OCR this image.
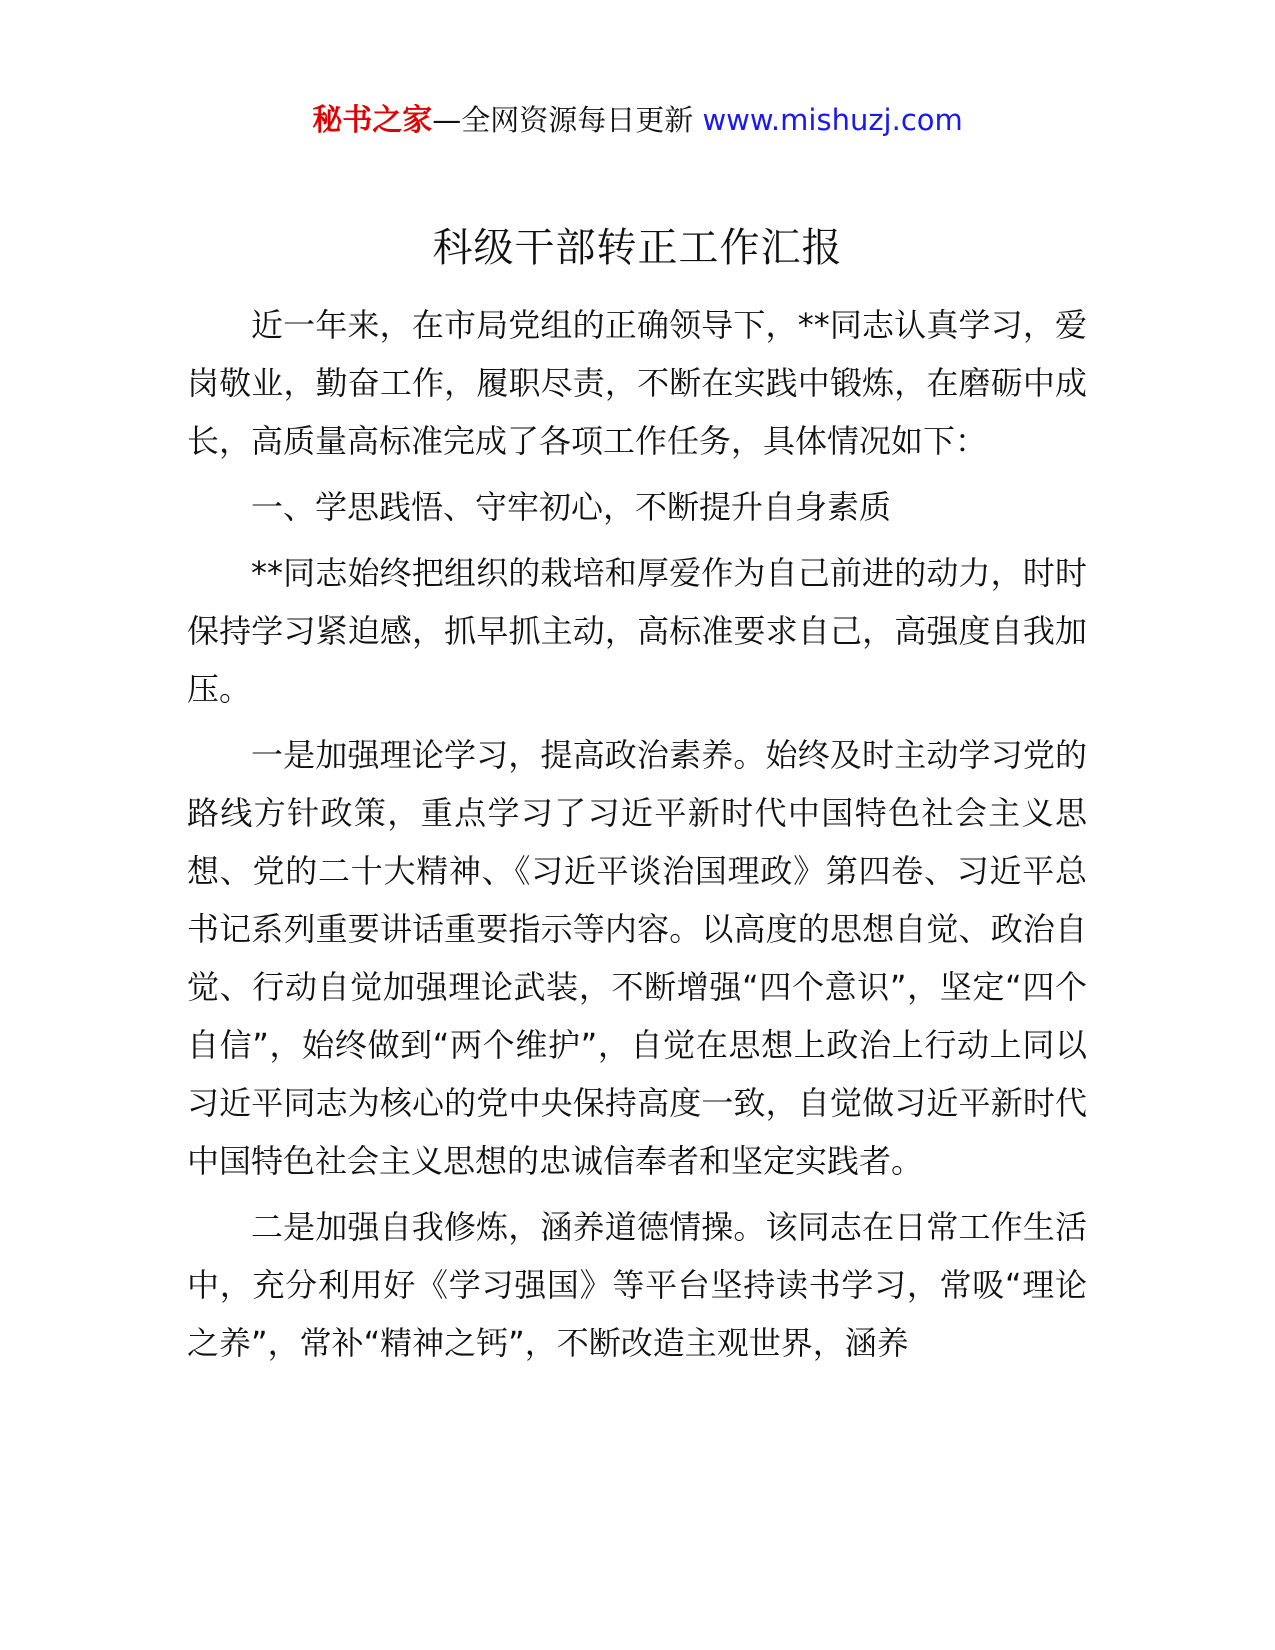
秘书之家—全网资源每日更新 www.mishuzj.com
科级干部转正工作汇报

近一年来，在市局党组的正确领导下，**同志认真学习，爱岗敬业，勤奋工作，履职尽责，不断在实践中锻炼，在磨砺中成长，高质量高标准完成了各项工作任务，具体情况如下：

一、学思践悟、守牢初心，不断提升自身素质

**同志始终把组织的栽培和厚爱作为自己前进的动力，时时保持学习紧迫感，抓早抓主动，高标准要求自己，高强度自我加压。

一是加强理论学习，提高政治素养。始终及时主动学习党的路线方针政策，重点学习了习近平新时代中国特色社会主义思想、党的二十大精神、《习近平谈治国理政》第四卷、习近平总书记系列重要讲话重要指示等内容。以高度的思想自觉、政治自觉、行动自觉加强理论武装，不断增强“四个意识”，坚定“四个自信”，始终做到“两个维护”，自觉在思想上政治上行动上同以习近平同志为核心的党中央保持高度一致，自觉做习近平新时代中国特色社会主义思想的忠诚信奉者和坚定实践者。

二是加强自我修炼，涵养道德情操。该同志在日常工作生活中，充分利用好《学习强国》等平台坚持读书学习，常吸“理论之养”，常补“精神之钙”，不断改造主观世界，涵养
